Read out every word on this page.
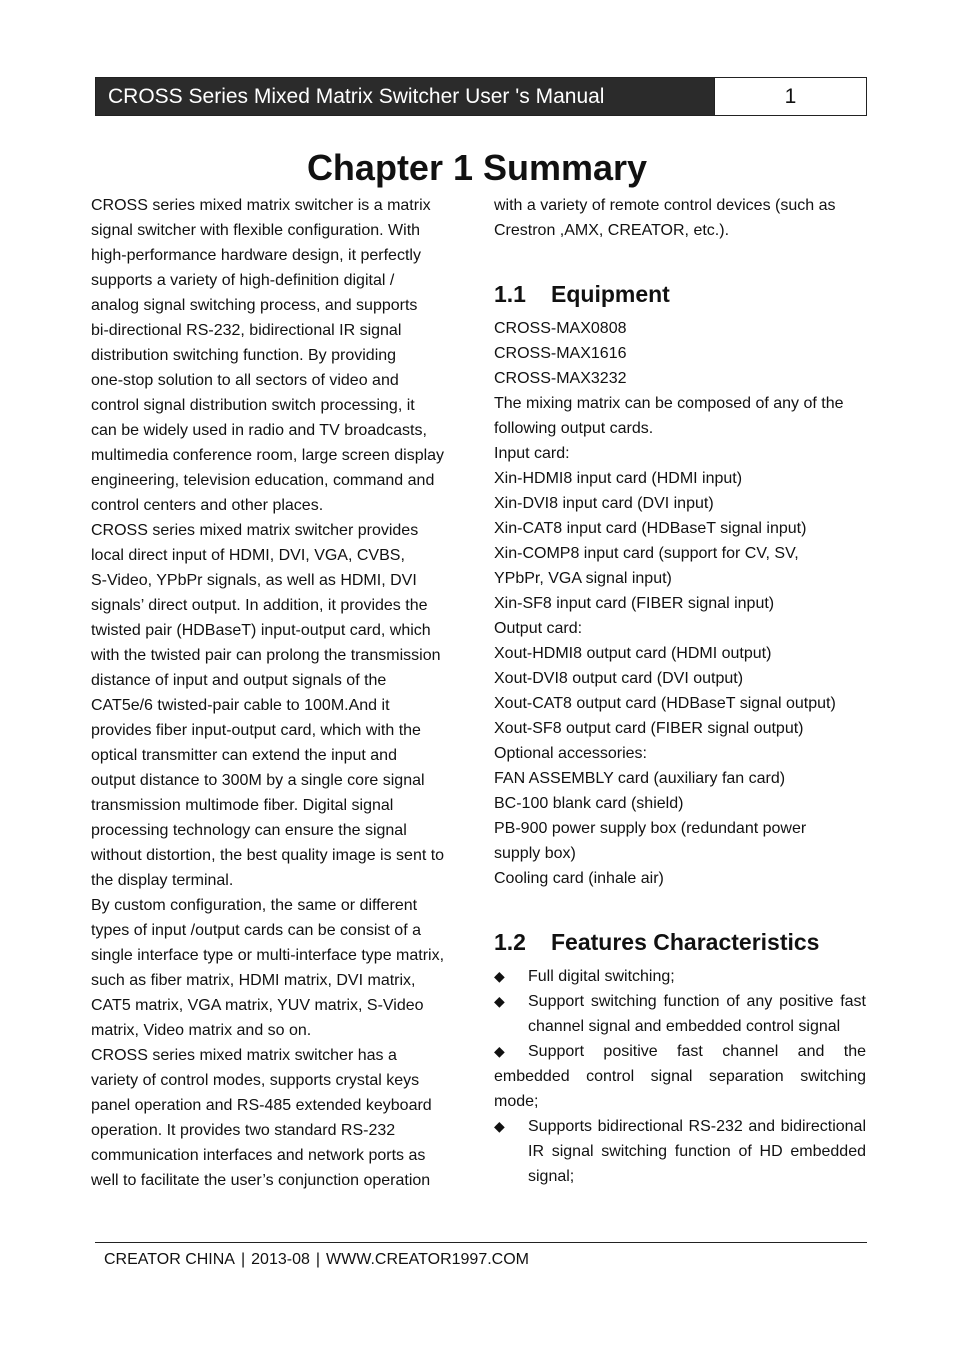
CROSS Series Mixed Matrix Switcher User 's Manual	1
Chapter 1 Summary
CROSS series mixed matrix switcher is a matrix
signal switcher with flexible configuration. With
high-performance hardware design, it perfectly
supports a variety of high-definition digital /
analog signal switching process, and supports
bi-directional RS-232, bidirectional IR signal
distribution switching function. By providing
one-stop solution to all sectors of video and
control signal distribution switch processing, it
can be widely used in radio and TV broadcasts,
multimedia conference room, large screen display
engineering, television education, command and
control centers and other places.
CROSS series mixed matrix switcher provides
local direct input of HDMI, DVI, VGA, CVBS,
S-Video, YPbPr signals, as well as HDMI, DVI
signals’ direct output. In addition, it provides the
twisted pair (HDBaseT) input-output card, which
with the twisted pair can prolong the transmission
distance of input and output signals of the
CAT5e/6 twisted-pair cable to 100M.And it
provides fiber input-output card, which with the
optical transmitter can extend the input and
output distance to 300M by a single core signal
transmission multimode fiber. Digital signal
processing technology can ensure the signal
without distortion, the best quality image is sent to
the display terminal.
By custom configuration, the same or different
types of input /output cards can be consist of a
single interface type or multi-interface type matrix,
such as fiber matrix, HDMI matrix, DVI matrix,
CAT5 matrix, VGA matrix, YUV matrix, S-Video
matrix, Video matrix and so on.
CROSS series mixed matrix switcher has a
variety of control modes, supports crystal keys
panel operation and RS-485 extended keyboard
operation. It provides two standard RS-232
communication interfaces and network ports as
well to facilitate the user’s conjunction operation
with a variety of remote control devices (such as
Crestron ,AMX, CREATOR, etc.).
1.1 Equipment
CROSS-MAX0808
CROSS-MAX1616
CROSS-MAX3232
The mixing matrix can be composed of any of the
following output cards.
Input card:
Xin-HDMI8 input card (HDMI input)
Xin-DVI8 input card (DVI input)
Xin-CAT8 input card (HDBaseT signal input)
Xin-COMP8 input card (support for CV, SV,
YPbPr, VGA signal input)
Xin-SF8 input card (FIBER signal input)
Output card:
Xout-HDMI8 output card (HDMI output)
Xout-DVI8 output card (DVI output)
Xout-CAT8 output card (HDBaseT signal output)
Xout-SF8 output card (FIBER signal output)
Optional accessories:
FAN ASSEMBLY card (auxiliary fan card)
BC-100 blank card (shield)
PB-900 power supply box (redundant power
supply box)
Cooling card (inhale air)
1.2 Features Characteristics
◆	Full digital switching;
◆	Support switching function of any positive fast channel signal and embedded control signal
◆ Support positive fast channel and the embedded control signal separation switching mode;
◆	Supports bidirectional RS-232 and bidirectional IR signal switching function of HD embedded signal;
CREATOR CHINA | 2013-08 | WWW.CREATOR1997.COM
